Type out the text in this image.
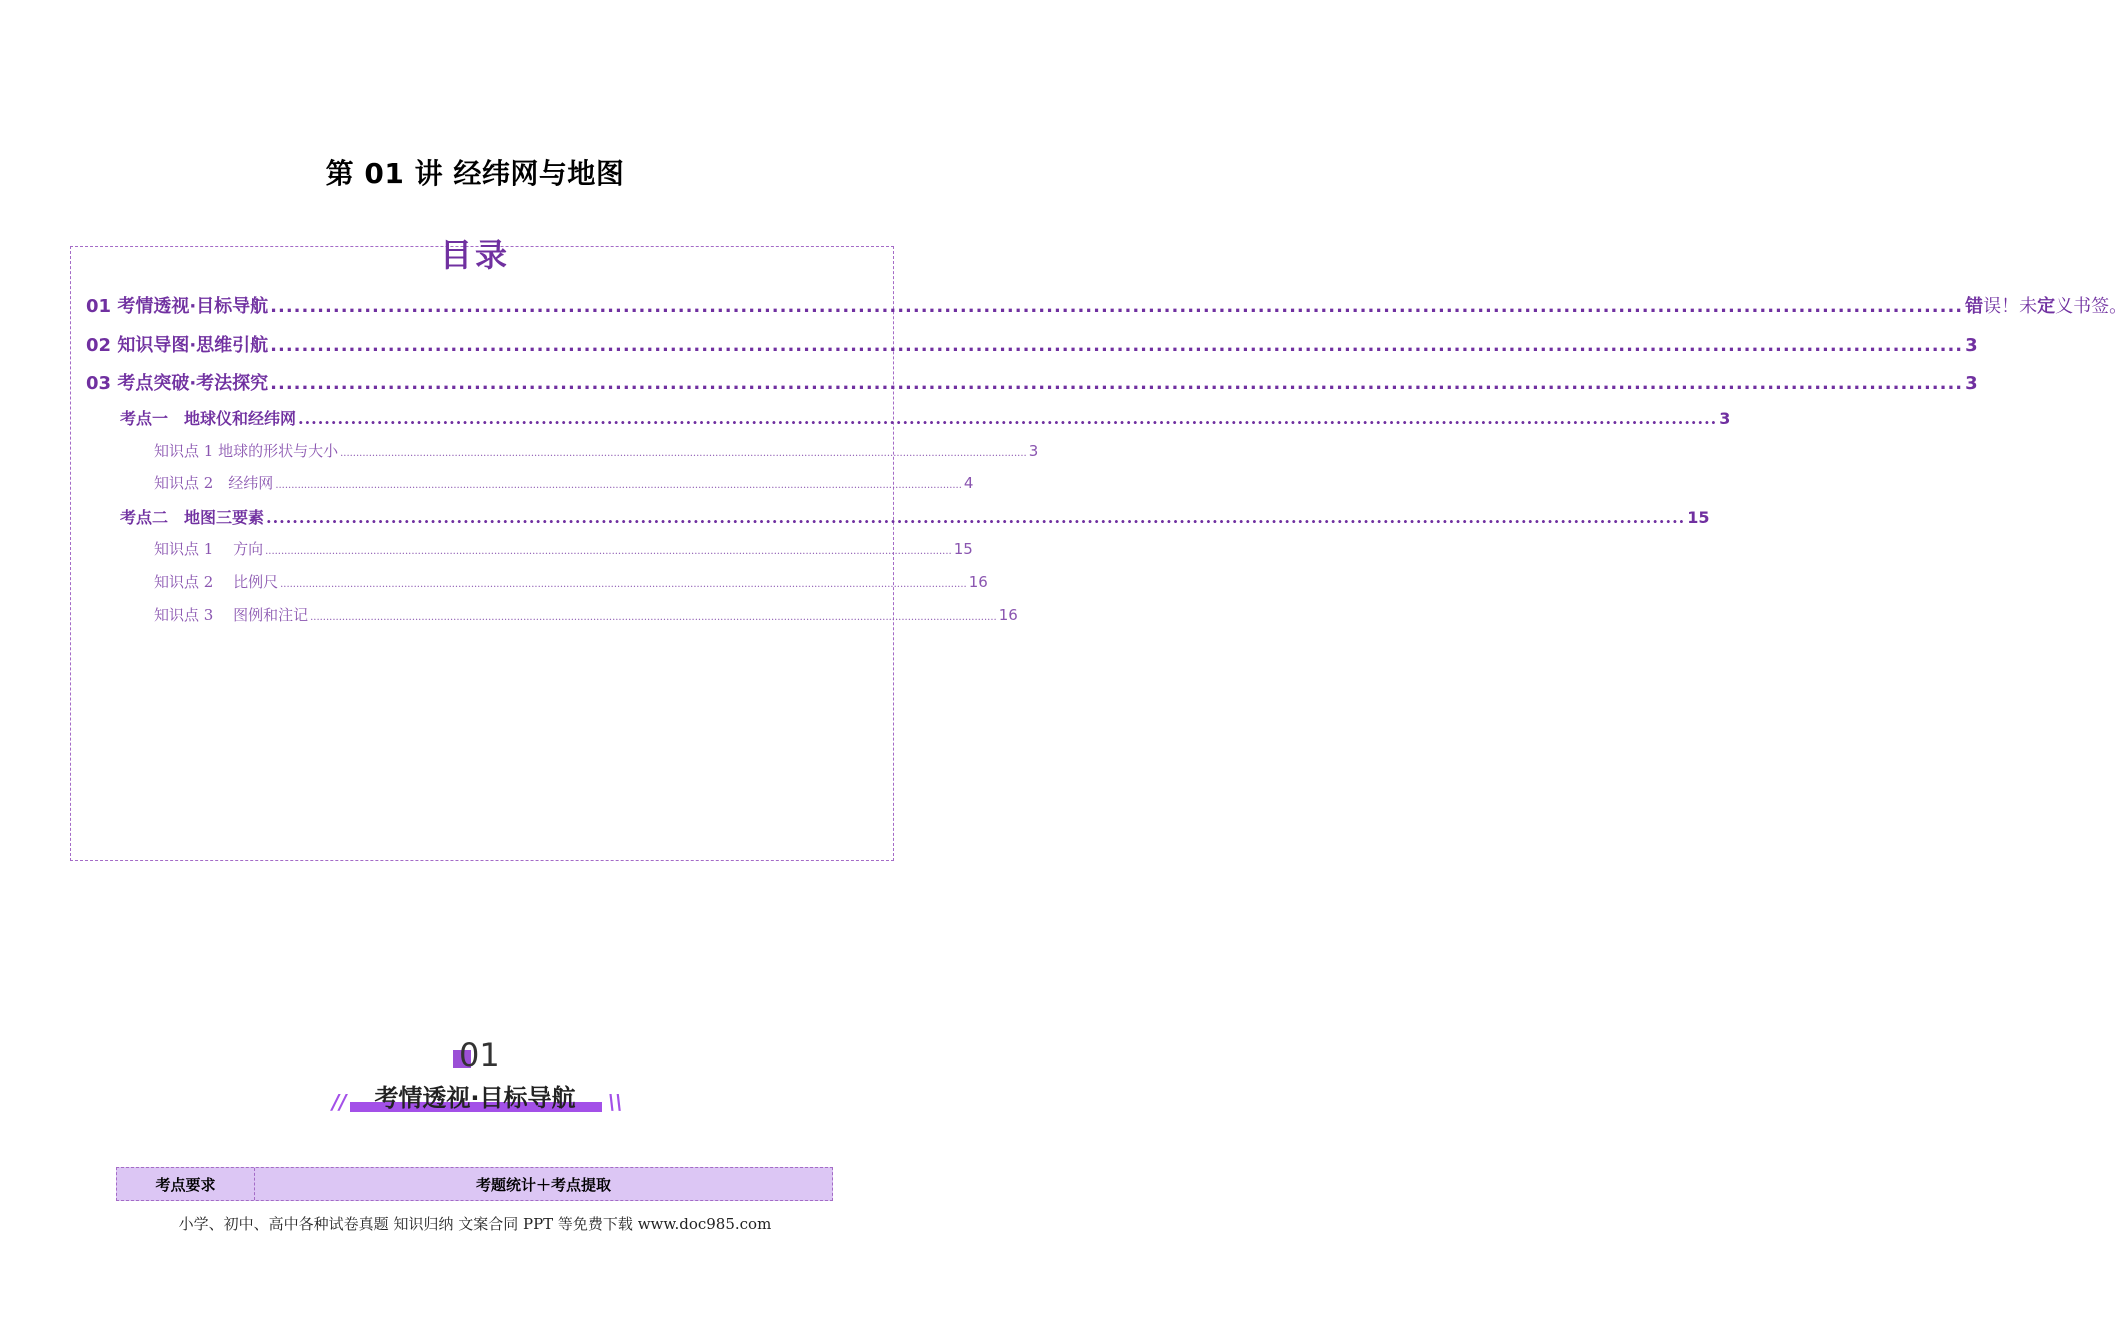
第 01 讲 经纬网与地图
目录
01 考情透视·目标导航 ........................................................................................................................................................................................................................ 错误！未定义书签。
02 知识导图·思维引航 ........................................................................................................................................................................................................................ 3
03 考点突破·考法探究 ........................................................................................................................................................................................................................ 3
考点一　地球仪和经纬网 ........................................................................................................................................................................................................................ 3
知识点 1 地球的形状与大小 ........................................................................................................................................................................................................................ 3
知识点 2　经纬网 ........................................................................................................................................................................................................................ 4
考点二　地图三要素 ........................................................................................................................................................................................................................ 15
知识点 1　 方向 ........................................................................................................................................................................................................................ 15
知识点 2　 比例尺 ........................................................................................................................................................................................................................ 16
知识点 3　 图例和注记 ........................................................................................................................................................................................................................ 16
01
//	\\
考情透视·目标导航
考点要求	考题统计＋考点提取
小学、初中、高中各种试卷真题 知识归纳 文案合同 PPT 等免费下载 www.doc985.com
